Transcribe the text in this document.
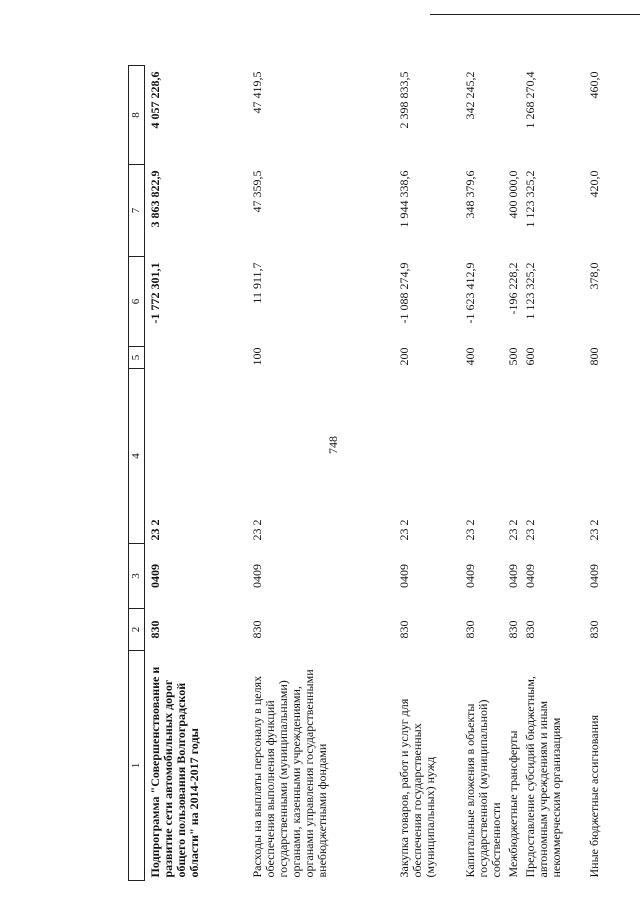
748
1	2	3	4	5	6	7	8
Подпрограмма "Совершенствование и развитие сети автомобильных дорог общего пользования Волгоградской области" на 2014-2017 годы	830	0409	23 2		-1 772 301,1	3 863 822,9	4 057 228,6
Расходы на выплаты персоналу в целях обеспечения выполнения функций государственными (муниципальными) органами, казенными учреждениями, органами управления государственными внебюджетными фондами	830	0409	23 2	100	11 911,7	47 359,5	47 419,5
Закупка товаров, работ и услуг для обеспечения государственных (муниципальных) нужд	830	0409	23 2	200	-1 088 274,9	1 944 338,6	2 398 833,5
Капитальные вложения в объекты государственной (муниципальной) собственности	830	0409	23 2	400	-1 623 412,9	348 379,6	342 245,2
Межбюджетные трансферты	830	0409	23 2	500	-196 228,2	400 000,0	
Предоставление субсидий бюджетным, автономным учреждениям и иным некоммерческим организациям	830	0409	23 2	600	1 123 325,2	1 123 325,2	1 268 270,4
Иные бюджетные ассигнования	830	0409	23 2	800	378,0	420,0	460,0
